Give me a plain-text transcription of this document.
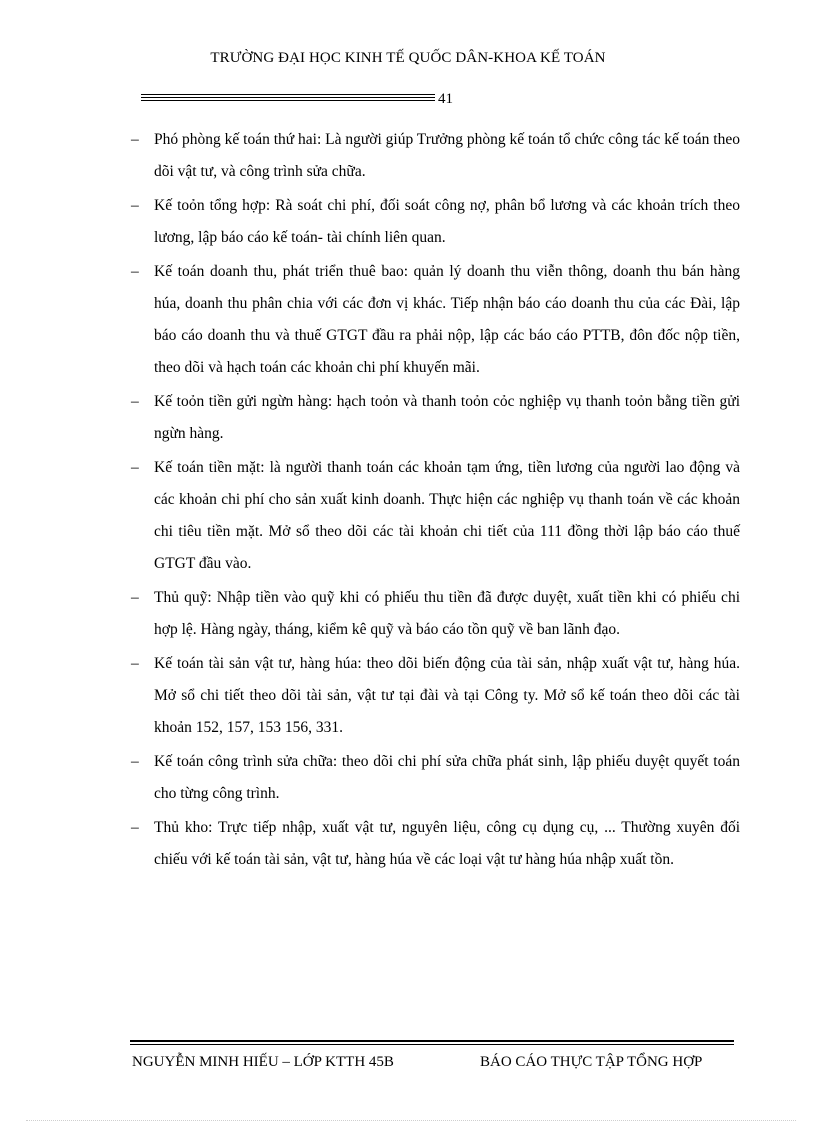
TRƯỜNG ĐẠI HỌC KINH TẾ QUỐC DÂN-KHOA KẾ TOÁN
41
– Phó phòng kế toán thứ hai: Là người giúp Trưởng phòng kế toán tổ chức công tác kế toán theo dõi vật tư, và công trình sửa chữa.
– Kế toỏn tổng hợp: Rà soát chi phí, đối soát công nợ, phân bổ lương và các khoản trích theo lương, lập báo cáo kế toán- tài chính liên quan.
– Kế toán doanh thu, phát triển thuê bao: quản lý doanh thu viễn thông, doanh thu bán hàng húa, doanh thu phân chia với các đơn vị khác. Tiếp nhận báo cáo doanh thu của các Đài, lập báo cáo doanh thu và thuế GTGT đầu ra phải nộp, lập các báo cáo PTTB, đôn đốc nộp tiền, theo dõi và hạch toán các khoản chi phí khuyến mãi.
– Kế toỏn tiền gửi ngừn hàng: hạch toỏn và thanh toỏn cỏc nghiệp vụ thanh toỏn bằng tiền gửi ngừn hàng.
– Kế toán tiền mặt: là người thanh toán các khoản tạm ứng, tiền lương của người lao động và các khoản chi phí cho sản xuất kinh doanh. Thực hiện các nghiệp vụ thanh toán về các khoản chi tiêu tiền mặt. Mở sổ theo dõi các tài khoản chi tiết của 111 đồng thời lập báo cáo thuế GTGT đầu vào.
– Thủ quỹ: Nhập tiền vào quỹ khi có phiếu thu tiền đã được duyệt, xuất tiền khi có phiếu chi hợp lệ. Hàng ngày, tháng, kiểm kê quỹ và báo cáo tồn quỹ về ban lãnh đạo.
– Kế toán tài sản vật tư, hàng húa: theo dõi biến động của tài sản, nhập xuất vật tư, hàng húa. Mở sổ chi tiết theo dõi tài sản, vật tư tại đài và tại Công ty. Mở sổ kế toán theo dõi các tài khoản 152, 157, 153 156, 331.
– Kế toán công trình sửa chữa: theo dõi chi phí sửa chữa phát sinh, lập phiếu duyệt quyết toán cho từng công trình.
– Thủ kho: Trực tiếp nhập, xuất vật tư, nguyên liệu, công cụ dụng cụ, ... Thường xuyên đối chiếu với kế toán tài sản, vật tư, hàng húa về các loại vật tư hàng húa nhập xuất tồn.
NGUYỄN MINH HIẾU – LỚP KTTH 45B	BÁO CÁO THỰC TẬP TỔNG HỢP
